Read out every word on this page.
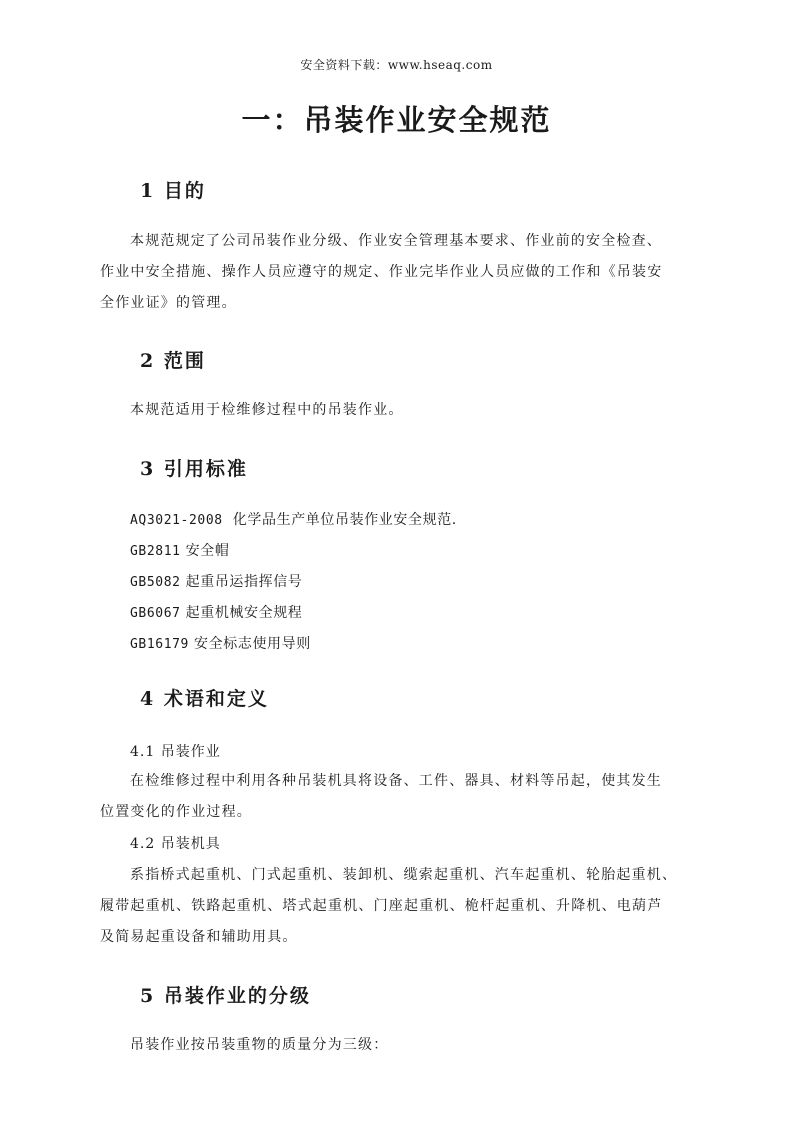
安全资料下载：www.hseaq.com
一：吊装作业安全规范
1 目的
本规范规定了公司吊装作业分级、作业安全管理基本要求、作业前的安全检查、
作业中安全措施、操作人员应遵守的规定、作业完毕作业人员应做的工作和《吊装安
全作业证》的管理。
2 范围
本规范适用于检维修过程中的吊装作业。
3 引用标准
AQ3021-2008  化学品生产单位吊装作业安全规范.
GB2811 安全帽
GB5082 起重吊运指挥信号
GB6067 起重机械安全规程
GB16179 安全标志使用导则
4 术语和定义
4.1 吊装作业
在检维修过程中利用各种吊装机具将设备、工件、器具、材料等吊起，使其发生
位置变化的作业过程。
4.2 吊装机具
系指桥式起重机、门式起重机、装卸机、缆索起重机、汽车起重机、轮胎起重机、
履带起重机、铁路起重机、塔式起重机、门座起重机、桅杆起重机、升降机、电葫芦
及简易起重设备和辅助用具。
5 吊装作业的分级
吊装作业按吊装重物的质量分为三级：
